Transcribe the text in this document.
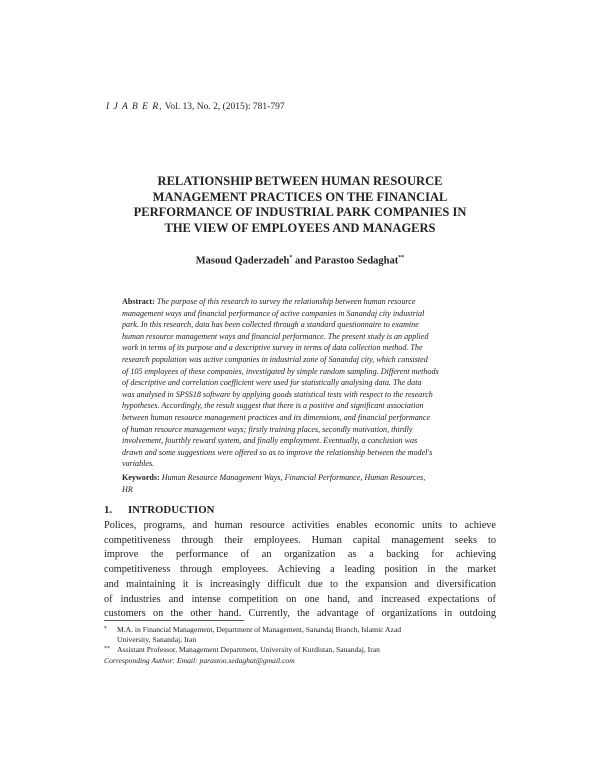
I J A B E R, Vol. 13, No. 2, (2015): 781-797
RELATIONSHIP BETWEEN HUMAN RESOURCE
MANAGEMENT PRACTICES ON THE FINANCIAL
PERFORMANCE OF INDUSTRIAL PARK COMPANIES IN
THE VIEW OF EMPLOYEES AND MANAGERS
Masoud Qaderzadeh* and Parastoo Sedaghat**
Abstract: The purpose of this research to survey the relationship between human resource
management ways and financial performance of active companies in Sanandaj city industrial
park. In this research, data has been collected through a standard questionnaire to examine
human resource management ways and financial performance. The present study is an applied
work in terms of its purpose and a descriptive survey in terms of data collection method. The
research population was active companies in industrial zone of Sanandaj city, which consisted
of 105 employees of these companies, investigated by simple random sampling. Different methods
of descriptive and correlation coefficient were used for statistically analysing data. The data
was analysed in SPSS18 software by applying goods statistical tests with respect to the research
hypotheses. Accordingly, the result suggest that there is a positive and significant association
between human resource management practices and its dimensions, and financial performance
of human resource management ways; firstly training places, secondly motivation, thirdly
involvement, fourthly reward system, and finally employment. Eventually, a conclusion was
drawn and some suggestions were offered so as to improve the relationship between the model's
variables.
Keywords: Human Resource Management Ways, Financial Performance, Human Resources,
HR
1. INTRODUCTION
Polices, programs, and human resource activities enables economic units to achieve
competitiveness through their employees. Human capital management seeks to
improve the performance of an organization as a backing for achieving
competitiveness through employees. Achieving a leading position in the market
and maintaining it is increasingly difficult due to the expansion and diversification
of industries and intense competition on one hand, and increased expectations of
customers on the other hand. Currently, the advantage of organizations in outdoing
* M.A. in Financial Management, Department of Management, Sanandaj Branch, Islamic Azad
University, Sanandaj, Iran
** Assistant Professor, Management Department, University of Kurdistan, Sanandaj, Iran
Corresponding Author: Email: parastoo.sedaghat@gmail.com
